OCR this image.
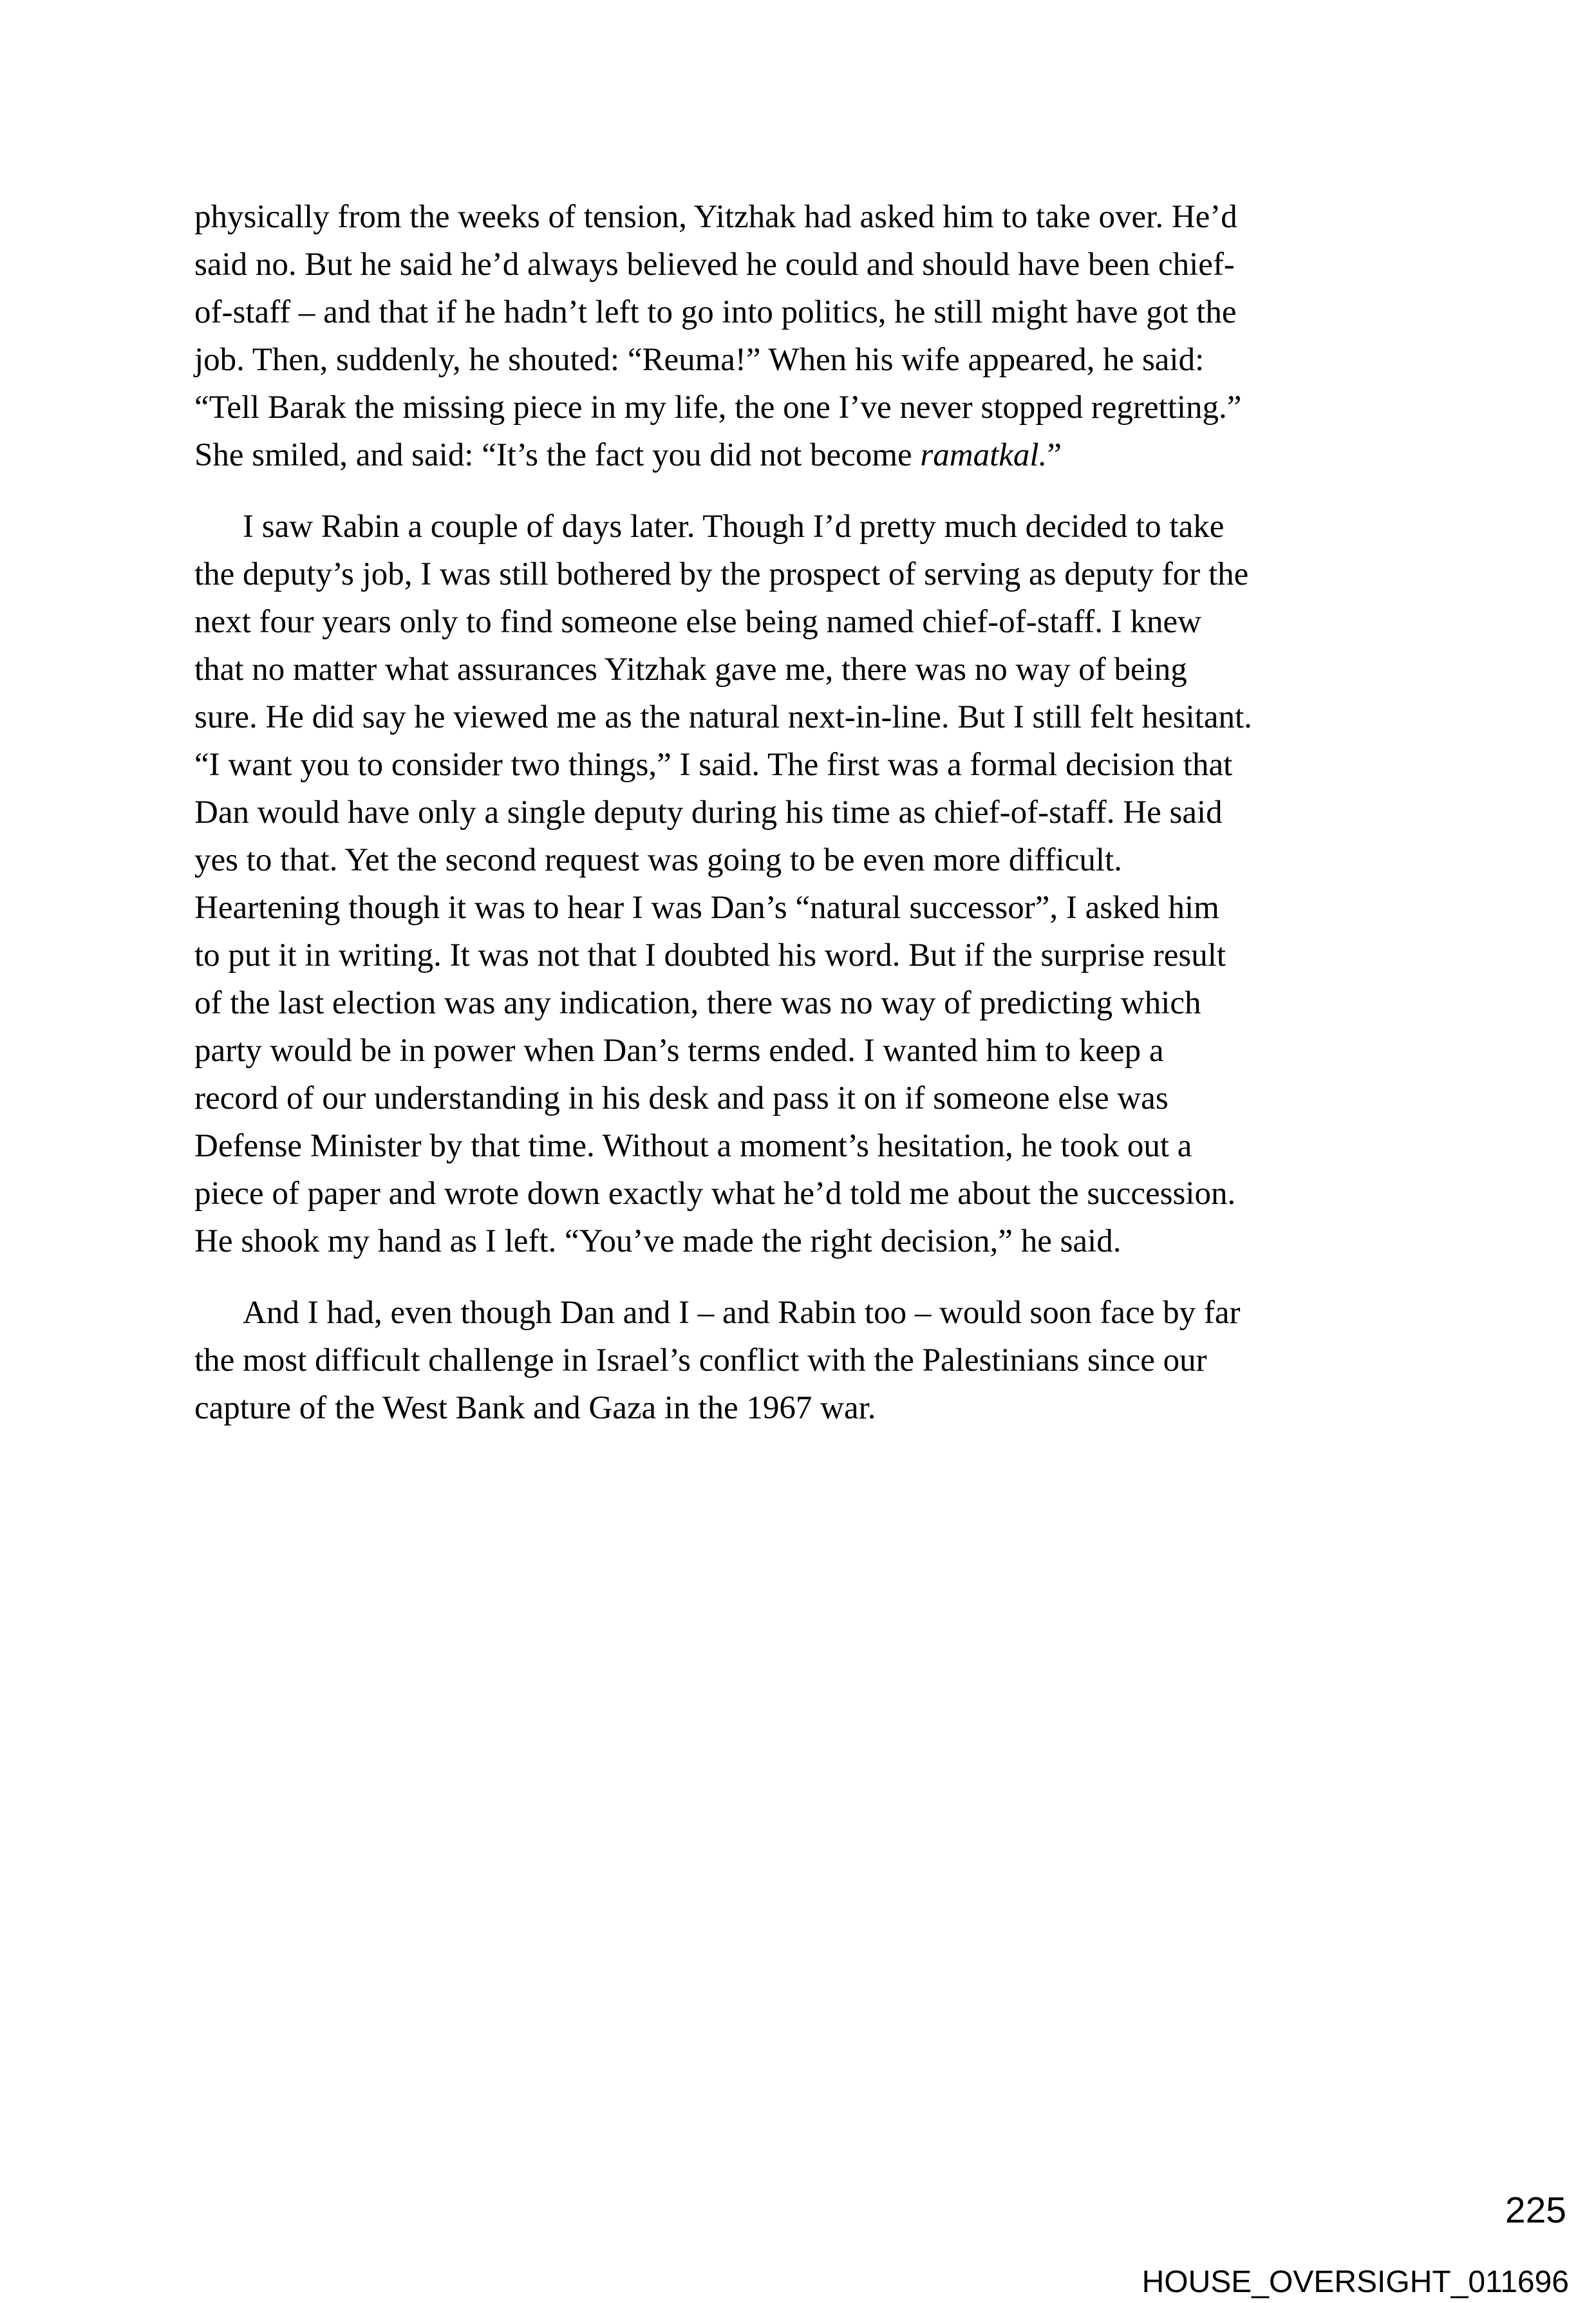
physically from the weeks of tension, Yitzhak had asked him to take over. He’d
said no. But he said he’d always believed he could and should have been chief-
of-staff – and that if he hadn’t left to go into politics, he still might have got the
job. Then, suddenly, he shouted: “Reuma!” When his wife appeared, he said:
“Tell Barak the missing piece in my life, the one I’ve never stopped regretting.”
She smiled, and said: “It’s the fact you did not become ramatkal.”
I saw Rabin a couple of days later. Though I’d pretty much decided to take
the deputy’s job, I was still bothered by the prospect of serving as deputy for the
next four years only to find someone else being named chief-of-staff. I knew
that no matter what assurances Yitzhak gave me, there was no way of being
sure. He did say he viewed me as the natural next-in-line. But I still felt hesitant.
“I want you to consider two things,” I said. The first was a formal decision that
Dan would have only a single deputy during his time as chief-of-staff. He said
yes to that. Yet the second request was going to be even more difficult.
Heartening though it was to hear I was Dan’s “natural successor”, I asked him
to put it in writing. It was not that I doubted his word. But if the surprise result
of the last election was any indication, there was no way of predicting which
party would be in power when Dan’s terms ended. I wanted him to keep a
record of our understanding in his desk and pass it on if someone else was
Defense Minister by that time. Without a moment’s hesitation, he took out a
piece of paper and wrote down exactly what he’d told me about the succession.
He shook my hand as I left. “You’ve made the right decision,” he said.
And I had, even though Dan and I – and Rabin too – would soon face by far
the most difficult challenge in Israel’s conflict with the Palestinians since our
capture of the West Bank and Gaza in the 1967 war.
225
HOUSE_OVERSIGHT_011696
